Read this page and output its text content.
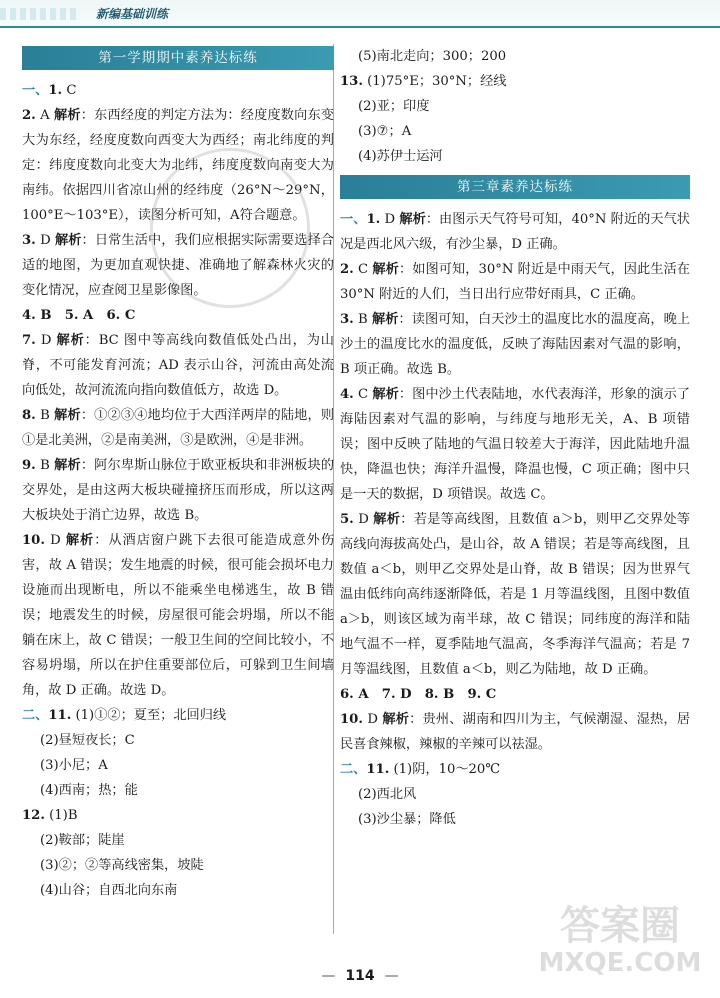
新编基础训练
第一学期期中素养达标练
一、1. C
2. A 解析：东西经度的判定方法为：经度度数向东变大为东经，经度度数向西变大为西经；南北纬度的判定：纬度度数向北变大为北纬，纬度度数向南变大为南纬。依据四川省凉山州的经纬度（26°N～29°N，100°E～103°E），读图分析可知，A符合题意。
3. D 解析：日常生活中，我们应根据实际需要选择合适的地图，为更加直观快捷、准确地了解森林火灾的变化情况，应查阅卫星影像图。
4. B　5. A　6. C
7. D 解析：BC 图中等高线向数值低处凸出，为山脊，不可能发育河流；AD 表示山谷，河流由高处流向低处，故河流流向指向数值低方，故选 D。
8. B 解析：①②③④地均位于大西洋两岸的陆地，则①是北美洲，②是南美洲，③是欧洲，④是非洲。
9. B 解析：阿尔卑斯山脉位于欧亚板块和非洲板块的交界处，是由这两大板块碰撞挤压而形成，所以这两大板块处于消亡边界，故选 B。
10. D 解析：从酒店窗户跳下去很可能造成意外伤害，故 A 错误；发生地震的时候，很可能会损坏电力设施而出现断电，所以不能乘坐电梯逃生，故 B 错误；地震发生的时候，房屋很可能会坍塌，所以不能躺在床上，故 C 错误；一般卫生间的空间比较小，不容易坍塌，所以在护住重要部位后，可躲到卫生间墙角，故 D 正确。故选 D。
二、11. (1)①②；夏至；北回归线
(2)昼短夜长；C
(3)小尼；A
(4)西南；热；能
12. (1)B
(2)鞍部；陡崖
(3)②；②等高线密集，坡陡
(4)山谷；自西北向东南
(5)南北走向；300；200
13. (1)75°E；30°N；经线
(2)亚；印度
(3)⑦；A
(4)苏伊士运河
第三章素养达标练
一、1. D 解析：由图示天气符号可知，40°N 附近的天气状况是西北风六级，有沙尘暴，D 正确。
2. C 解析：如图可知，30°N 附近是中雨天气，因此生活在 30°N 附近的人们，当日出行应带好雨具，C 正确。
3. B 解析：读图可知，白天沙土的温度比水的温度高，晚上沙土的温度比水的温度低，反映了海陆因素对气温的影响，B 项正确。故选 B。
4. C 解析：图中沙土代表陆地，水代表海洋，形象的演示了海陆因素对气温的影响，与纬度与地形无关，A、B 项错误；图中反映了陆地的气温日较差大于海洋，因此陆地升温快，降温也快；海洋升温慢，降温也慢，C 项正确；图中只是一天的数据，D 项错误。故选 C。
5. D 解析：若是等高线图，且数值 a＞b，则甲乙交界处等高线向海拔高处凸，是山谷，故 A 错误；若是等高线图，且数值 a＜b，则甲乙交界处是山脊，故 B 错误；因为世界气温由低纬向高纬逐渐降低，若是 1 月等温线图，且图中数值 a＞b，则该区域为南半球，故 C 错误；同纬度的海洋和陆地气温不一样，夏季陆地气温高，冬季海洋气温高；若是 7 月等温线图，且数值 a＜b，则乙为陆地，故 D 正确。
6. A　7. D　8. B　9. C
10. D 解析：贵州、湖南和四川为主，气候潮湿、湿热，居民喜食辣椒，辣椒的辛辣可以祛湿。
二、11. (1)阴，10～20℃
(2)西北风
(3)沙尘暴；降低
答案圈
MXQE.COM
— 114 —
